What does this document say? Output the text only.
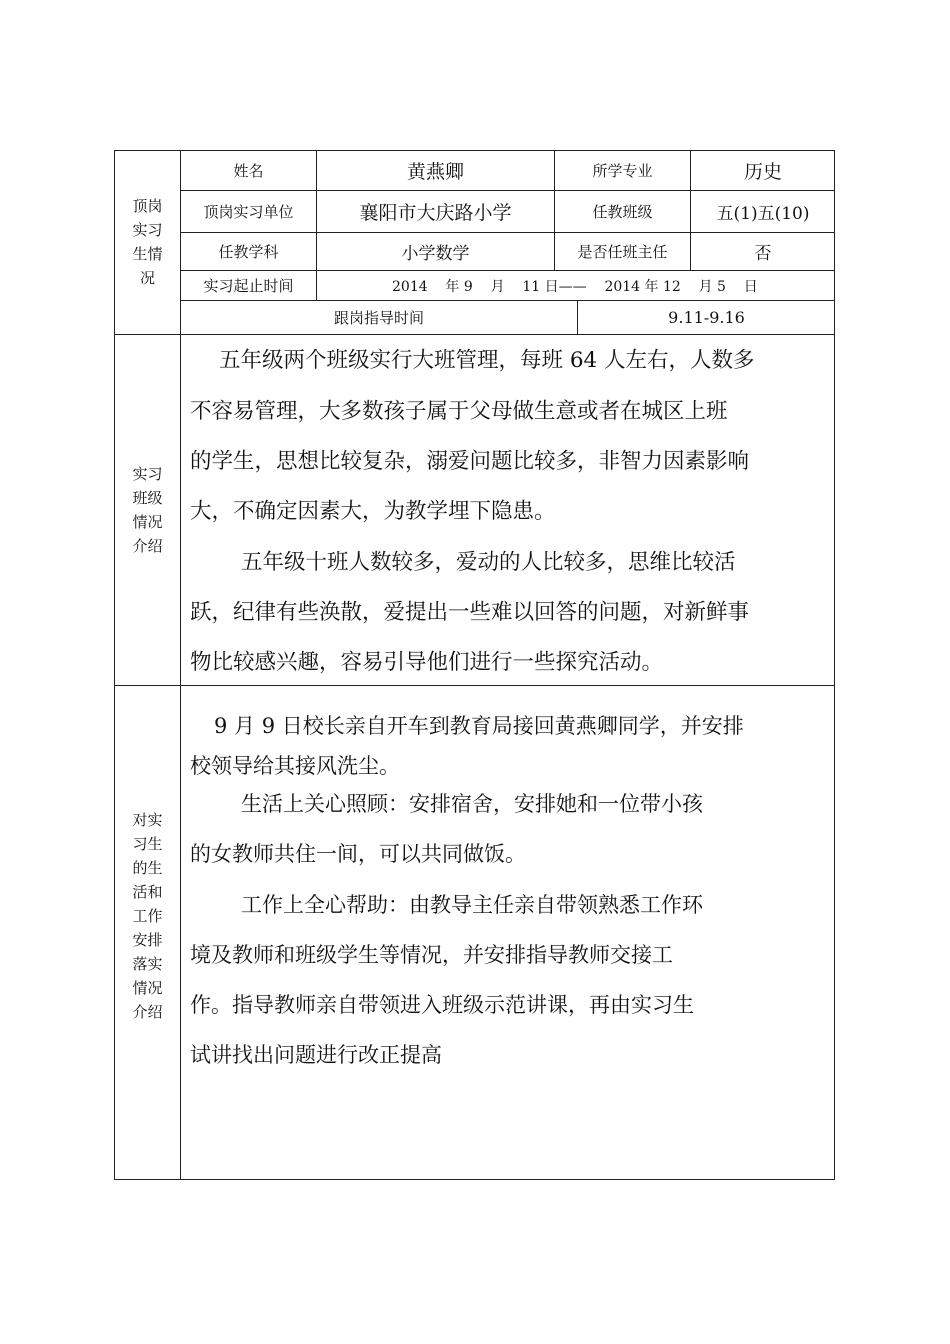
顶岗
实习
生情
况
姓名	黄燕卿	所学专业	历史
顶岗实习单位	襄阳市大庆路小学	任教班级	五(1)五(10)
任教学科	小学数学	是否任班主任	否
实习起止时间	2014    年 9    月    11 日——    2014 年 12    月 5    日
跟岗指导时间	9.11-9.16
实习
班级
情况
介绍

五年级两个班级实行大班管理，每班 64 人左右，人数多

不容易管理，大多数孩子属于父母做生意或者在城区上班

的学生，思想比较复杂，溺爱问题比较多，非智力因素影响

大，不确定因素大，为教学埋下隐患。

五年级十班人数较多，爱动的人比较多，思维比较活

跃，纪律有些涣散，爱提出一些难以回答的问题，对新鲜事

物比较感兴趣，容易引导他们进行一些探究活动。

对实
习生
的生
活和
工作
安排
落实
情况
介绍

9 月 9 日校长亲自开车到教育局接回黄燕卿同学，并安排

校领导给其接风洗尘。

生活上关心照顾：安排宿舍，安排她和一位带小孩

的女教师共住一间，可以共同做饭。

工作上全心帮助：由教导主任亲自带领熟悉工作环

境及教师和班级学生等情况，并安排指导教师交接工

作。指导教师亲自带领进入班级示范讲课，再由实习生

试讲找出问题进行改正提高
